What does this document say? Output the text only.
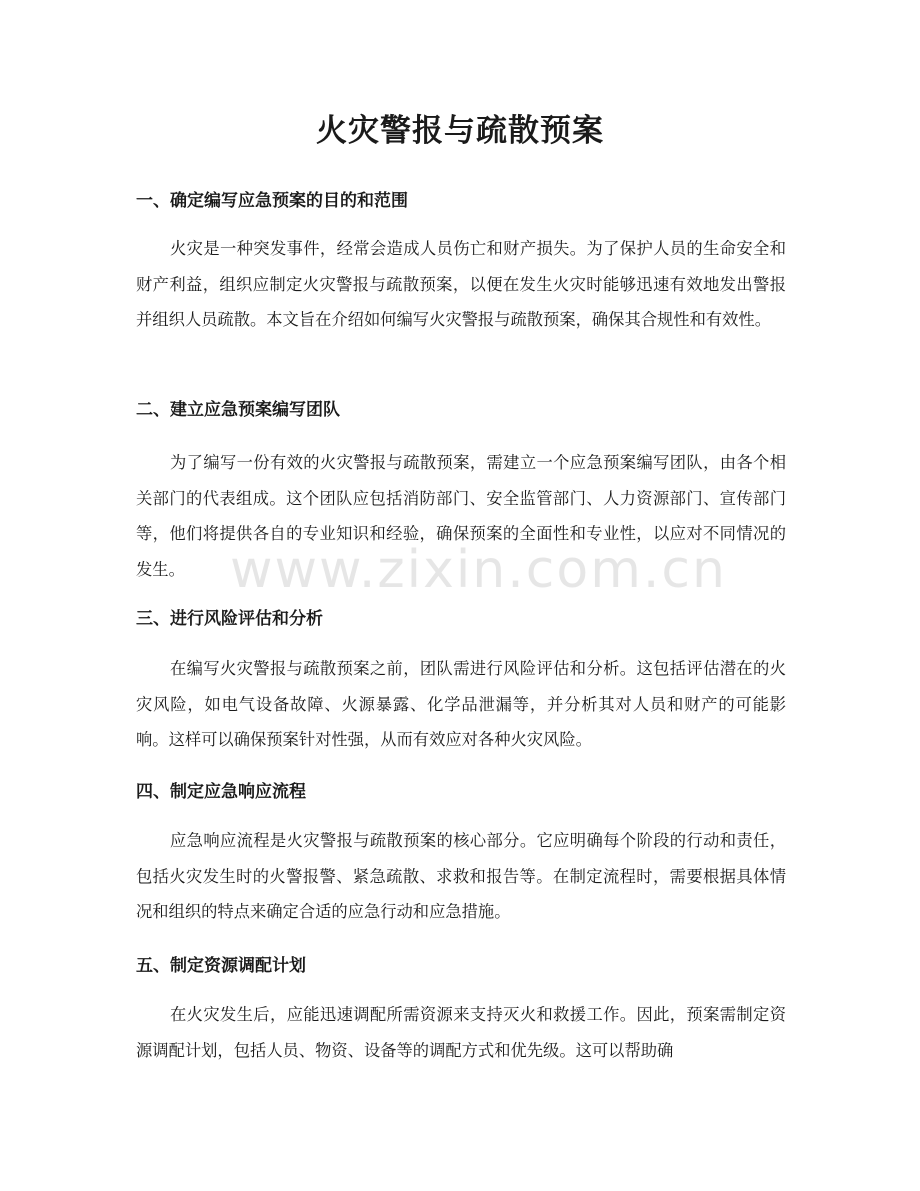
火灾警报与疏散预案
一、确定编写应急预案的目的和范围

火灾是一种突发事件，经常会造成人员伤亡和财产损失。为了保护人员的生命安全和财产利益，组织应制定火灾警报与疏散预案，以便在发生火灾时能够迅速有效地发出警报并组织人员疏散。本文旨在介绍如何编写火灾警报与疏散预案，确保其合规性和有效性。

二、建立应急预案编写团队

为了编写一份有效的火灾警报与疏散预案，需建立一个应急预案编写团队，由各个相关部门的代表组成。这个团队应包括消防部门、安全监管部门、人力资源部门、宣传部门等，他们将提供各自的专业知识和经验，确保预案的全面性和专业性，以应对不同情况的发生。

三、进行风险评估和分析

在编写火灾警报与疏散预案之前，团队需进行风险评估和分析。这包括评估潜在的火灾风险，如电气设备故障、火源暴露、化学品泄漏等，并分析其对人员和财产的可能影响。这样可以确保预案针对性强，从而有效应对各种火灾风险。

四、制定应急响应流程

应急响应流程是火灾警报与疏散预案的核心部分。它应明确每个阶段的行动和责任，包括火灾发生时的火警报警、紧急疏散、求救和报告等。在制定流程时，需要根据具体情况和组织的特点来确定合适的应急行动和应急措施。

五、制定资源调配计划

在火灾发生后，应能迅速调配所需资源来支持灭火和救援工作。因此，预案需制定资源调配计划，包括人员、物资、设备等的调配方式和优先级。这可以帮助确

www.zixin.com.cn
